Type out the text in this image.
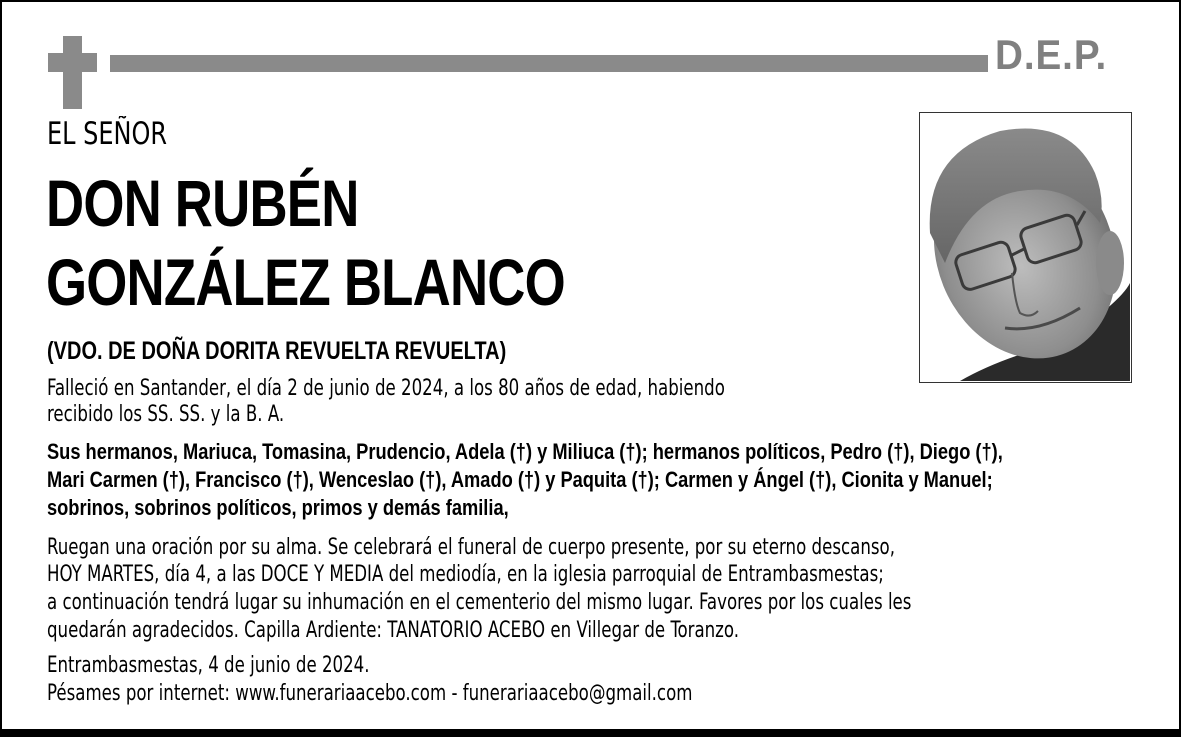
D.E.P.
EL SEÑOR
DON RUBÉN
GONZÁLEZ BLANCO
(VDO. DE DOÑA DORITA REVUELTA REVUELTA)
Falleció en Santander, el día 2 de junio de 2024, a los 80 años de edad, habiendo
recibido los SS. SS. y la B. A.
Sus hermanos, Mariuca, Tomasina, Prudencio, Adela (†) y Miliuca (†); hermanos políticos, Pedro (†), Diego (†),
Mari Carmen (†), Francisco (†), Wenceslao (†), Amado (†) y Paquita (†); Carmen y Ángel (†), Cionita y Manuel;
sobrinos, sobrinos políticos, primos y demás familia,
Ruegan una oración por su alma. Se celebrará el funeral de cuerpo presente, por su eterno descanso,
HOY MARTES, día 4, a las DOCE Y MEDIA del mediodía, en la iglesia parroquial de Entrambasmestas;
a continuación tendrá lugar su inhumación en el cementerio del mismo lugar. Favores por los cuales les
quedarán agradecidos. Capilla Ardiente: TANATORIO ACEBO en Villegar de Toranzo.
Entrambasmestas, 4 de junio de 2024.
Pésames por internet: www.funerariaacebo.com - funerariaacebo@gmail.com
